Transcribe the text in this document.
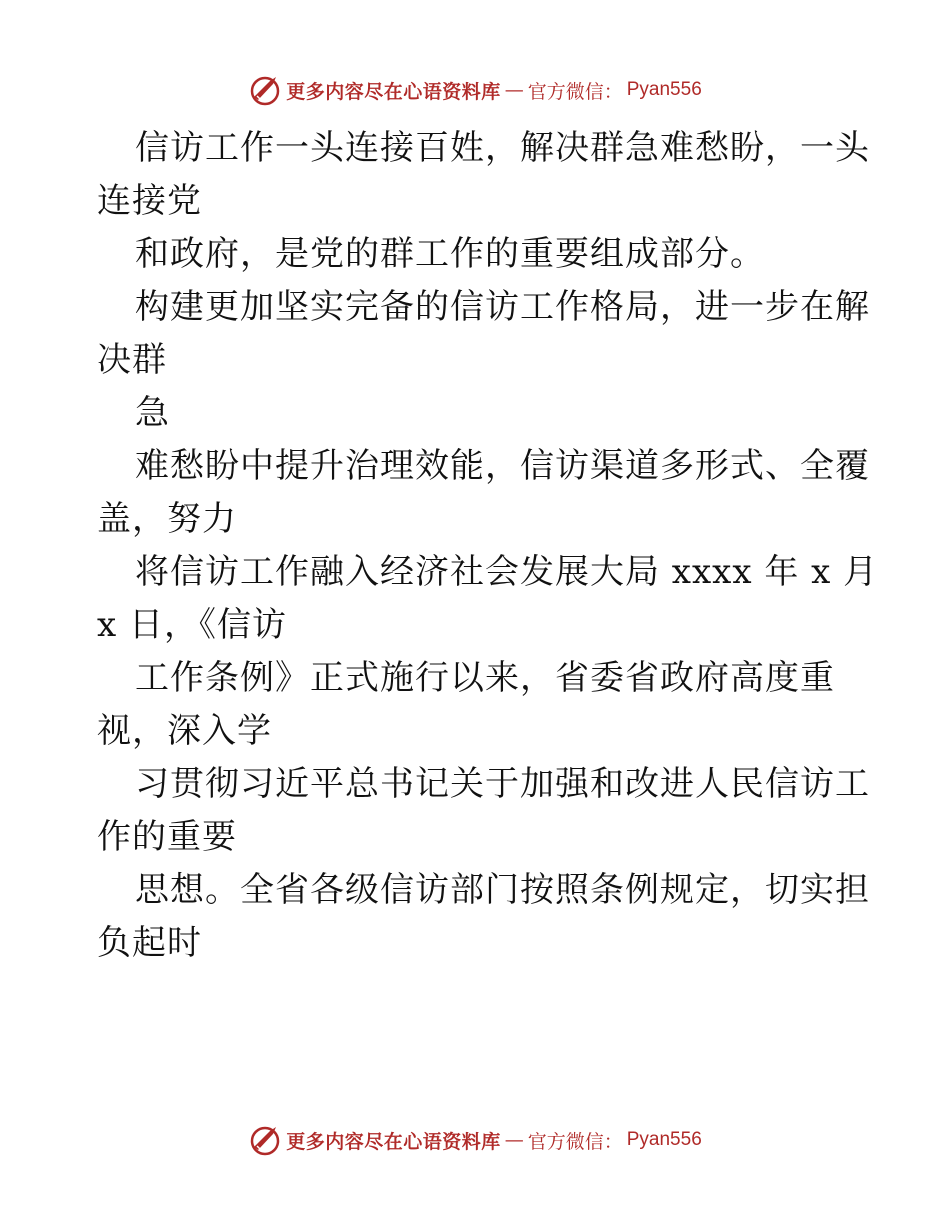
更多内容尽在心语资料库 — 官方微信： Pyan556
信访工作一头连接百姓，解决群急难愁盼，一头
连接党
和政府，是党的群工作的重要组成部分。
构建更加坚实完备的信访工作格局，进一步在解
决群
急
难愁盼中提升治理效能，信访渠道多形式、全覆
盖，努力
将信访工作融入经济社会发展大局 xxxx 年 x 月
x 日，《信访
工作条例》正式施行以来，省委省政府高度重
视，深入学
习贯彻习近平总书记关于加强和改进人民信访工
作的重要
思想。全省各级信访部门按照条例规定，切实担
负起时
更多内容尽在心语资料库 — 官方微信： Pyan556
